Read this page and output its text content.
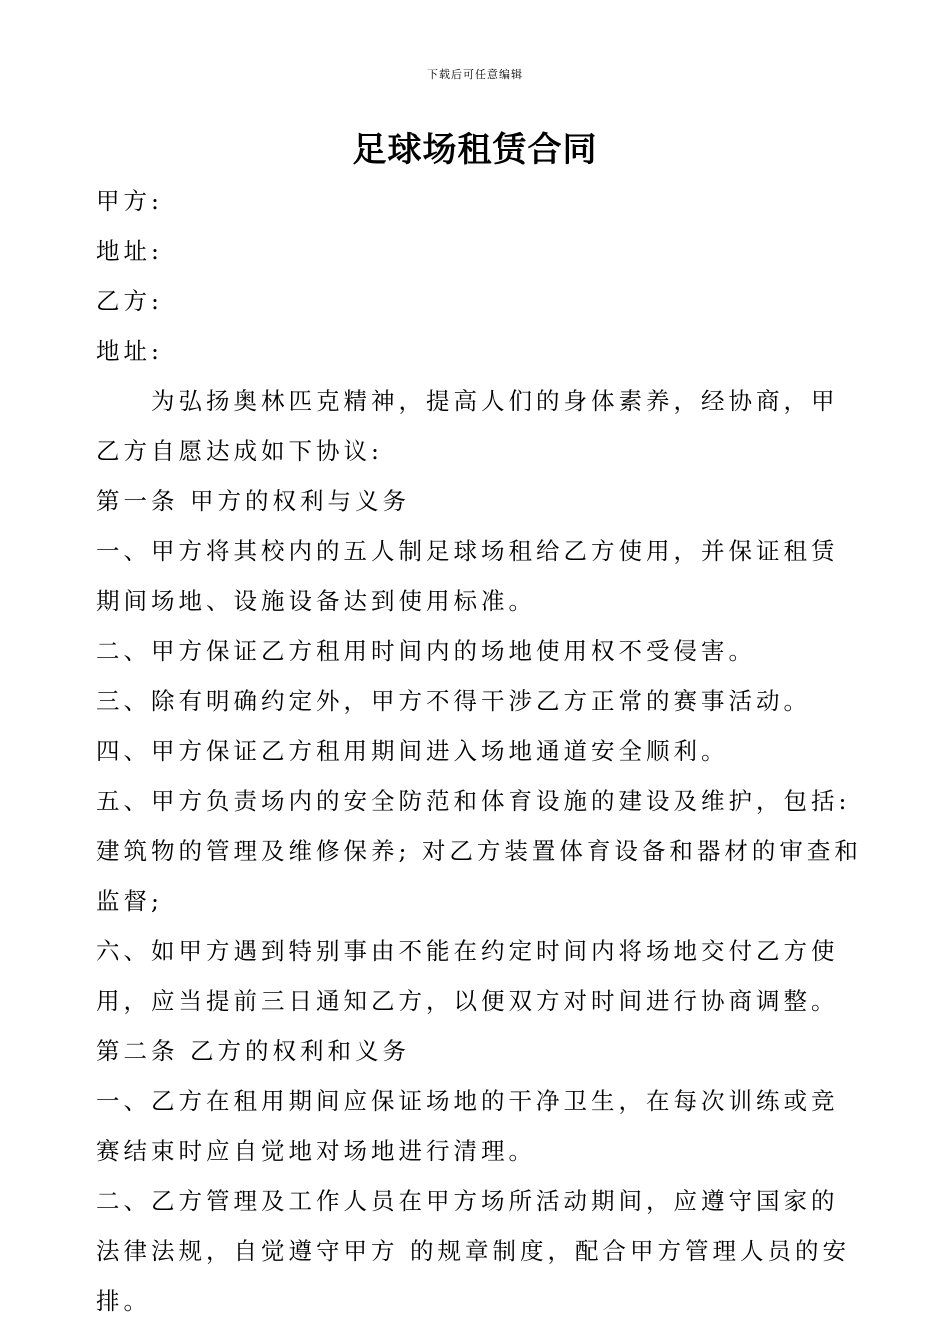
下载后可任意编辑
足球场租赁合同

甲方:

地址:

乙方:

地址:

为弘扬奥林匹克精神，提高人们的身体素养，经协商，甲乙方自愿达成如下协议:

第一条 甲方的权利与义务

一、甲方将其校内的五人制足球场租给乙方使用，并保证租赁期间场地、设施设备达到使用标准。

二、甲方保证乙方租用时间内的场地使用权不受侵害。

三、除有明确约定外，甲方不得干涉乙方正常的赛事活动。

四、甲方保证乙方租用期间进入场地通道安全顺利。

五、甲方负责场内的安全防范和体育设施的建设及维护，包括: 建筑物的管理及维修保养; 对乙方装置体育设备和器材的审查和监督;

六、如甲方遇到特别事由不能在约定时间内将场地交付乙方使用，应当提前三日通知乙方，以便双方对时间进行协商调整。

第二条 乙方的权利和义务

一、乙方在租用期间应保证场地的干净卫生，在每次训练或竞赛结束时应自觉地对场地进行清理。

二、乙方管理及工作人员在甲方场所活动期间，应遵守国家的法律法规，自觉遵守甲方 的规章制度，配合甲方管理人员的安排。
